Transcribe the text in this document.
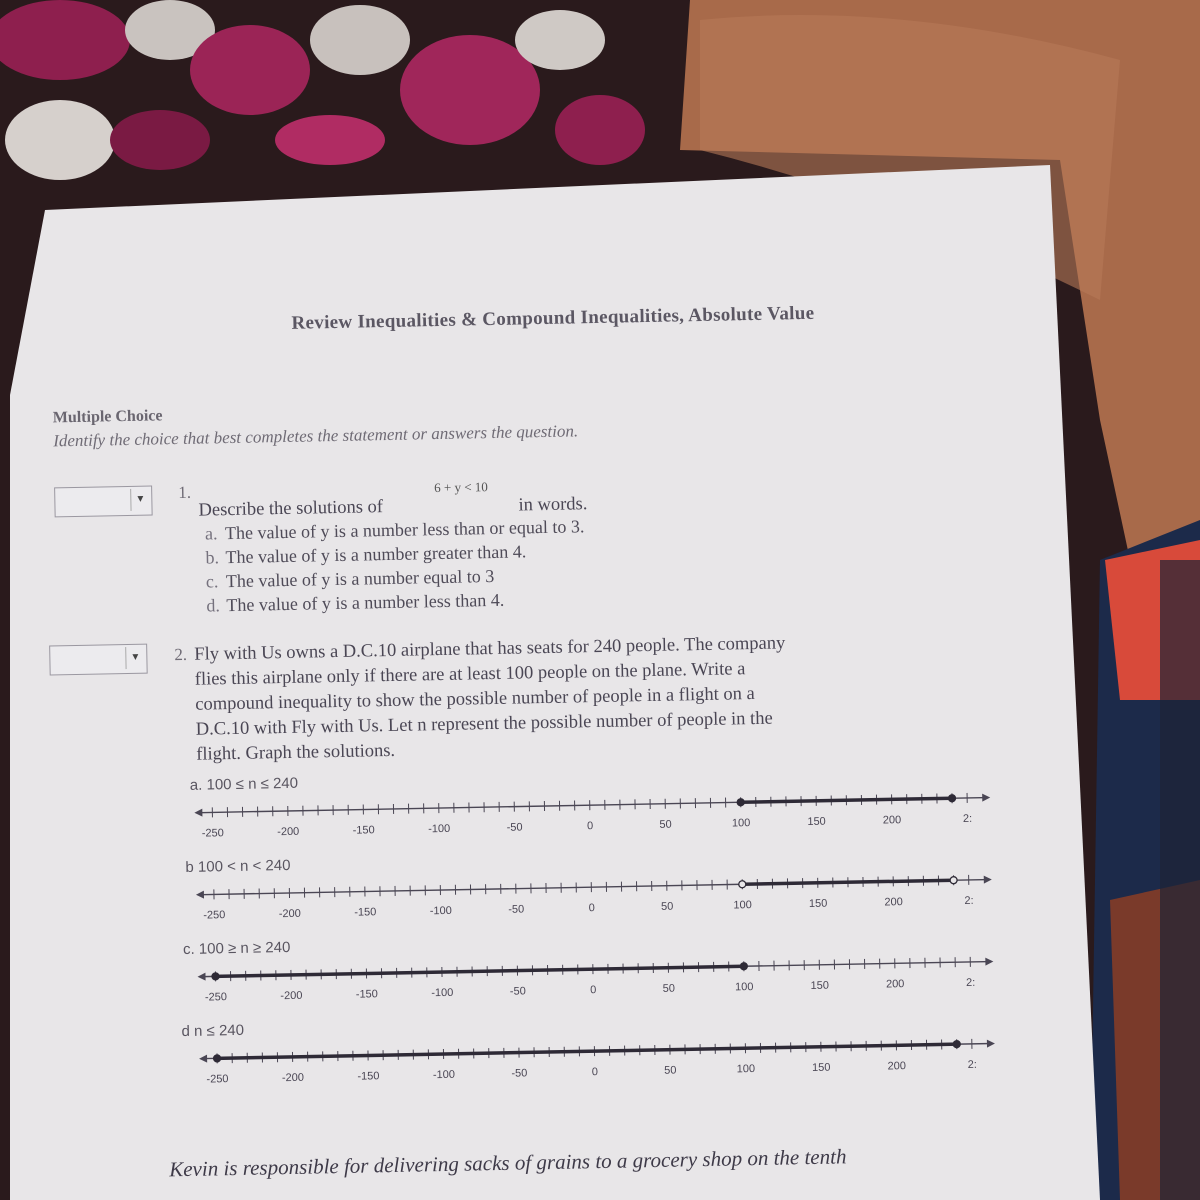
Review Inequalities & Compound Inequalities, Absolute Value
Multiple Choice
Identify the choice that best completes the statement or answers the question.
▼ 1.
Describe the solutions of
6 + y < 10
in words.
a. The value of y is a number less than or equal to 3.
b. The value of y is a number greater than 4.
c. The value of y is a number equal to 3
d. The value of y is a number less than 4.
▼ 2. Fly with Us owns a D.C.10 airplane that has seats for 240 people. The company
flies this airplane only if there are at least 100 people on the plane. Write a
compound inequality to show the possible number of people in a flight on a
D.C.10 with Fly with Us. Let n represent the possible number of people in the
flight. Graph the solutions.
a. 100 ≤ n ≤ 240
-250	-200	-150	-100	-50	0	50	100	150	200	2:
b 100 < n < 240
-250	-200	-150	-100	-50	0	50	100	150	200	2:
c. 100 ≥ n ≥ 240
-250	-200	-150	-100	-50	0	50	100	150	200	2:
d n ≤ 240
-250	-200	-150	-100	-50	0	50	100	150	200	2:
Kevin is responsible for delivering sacks of grains to a grocery shop on the tenth
